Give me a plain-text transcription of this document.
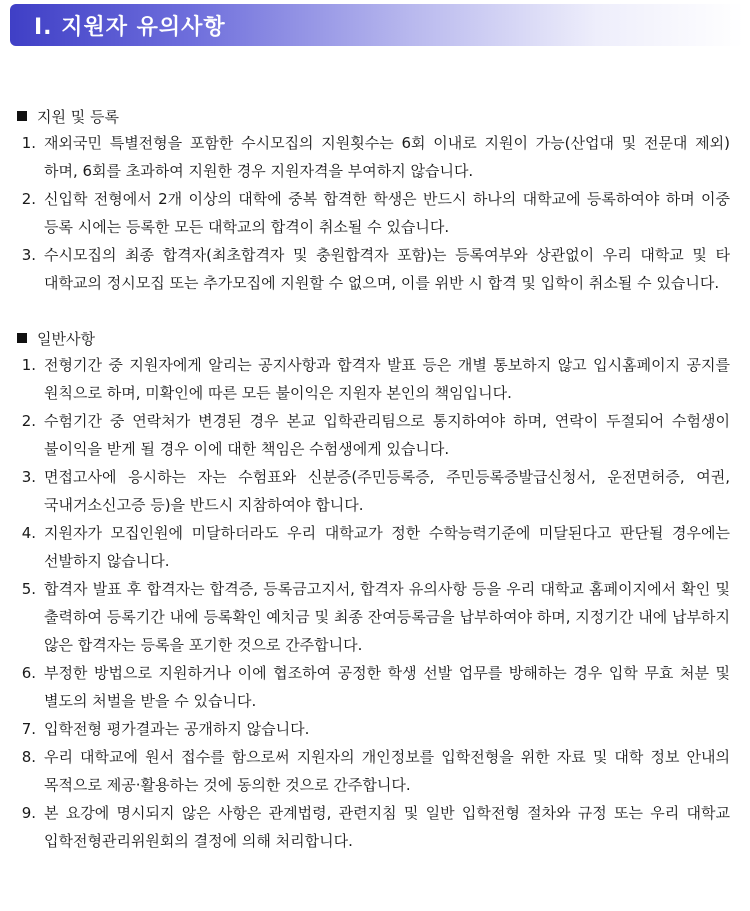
Ⅰ. 지원자 유의사항
지원 및 등록
1. 재외국민 특별전형을 포함한 수시모집의 지원횟수는 6회 이내로 지원이 가능(산업대 및 전문대 제외)하며, 6회를 초과하여 지원한 경우 지원자격을 부여하지 않습니다.
2. 신입학 전형에서 2개 이상의 대학에 중복 합격한 학생은 반드시 하나의 대학교에 등록하여야 하며 이중 등록 시에는 등록한 모든 대학교의 합격이 취소될 수 있습니다.
3. 수시모집의 최종 합격자(최초합격자 및 충원합격자 포함)는 등록여부와 상관없이 우리 대학교 및 타 대학교의 정시모집 또는 추가모집에 지원할 수 없으며, 이를 위반 시 합격 및 입학이 취소될 수 있습니다.
일반사항
1. 전형기간 중 지원자에게 알리는 공지사항과 합격자 발표 등은 개별 통보하지 않고 입시홈페이지 공지를 원칙으로 하며, 미확인에 따른 모든 불이익은 지원자 본인의 책임입니다.
2. 수험기간 중 연락처가 변경된 경우 본교 입학관리팀으로 통지하여야 하며, 연락이 두절되어 수험생이 불이익을 받게 될 경우 이에 대한 책임은 수험생에게 있습니다.
3. 면접고사에 응시하는 자는 수험표와 신분증(주민등록증, 주민등록증발급신청서, 운전면허증, 여권, 국내거소신고증 등)을 반드시 지참하여야 합니다.
4. 지원자가 모집인원에 미달하더라도 우리 대학교가 정한 수학능력기준에 미달된다고 판단될 경우에는 선발하지 않습니다.
5. 합격자 발표 후 합격자는 합격증, 등록금고지서, 합격자 유의사항 등을 우리 대학교 홈페이지에서 확인 및 출력하여 등록기간 내에 등록확인 예치금 및 최종 잔여등록금을 납부하여야 하며, 지정기간 내에 납부하지 않은 합격자는 등록을 포기한 것으로 간주합니다.
6. 부정한 방법으로 지원하거나 이에 협조하여 공정한 학생 선발 업무를 방해하는 경우 입학 무효 처분 및 별도의 처벌을 받을 수 있습니다.
7. 입학전형 평가결과는 공개하지 않습니다.
8. 우리 대학교에 원서 접수를 함으로써 지원자의 개인정보를 입학전형을 위한 자료 및 대학 정보 안내의 목적으로 제공·활용하는 것에 동의한 것으로 간주합니다.
9. 본 요강에 명시되지 않은 사항은 관계법령, 관련지침 및 일반 입학전형 절차와 규정 또는 우리 대학교 입학전형관리위원회의 결정에 의해 처리합니다.
